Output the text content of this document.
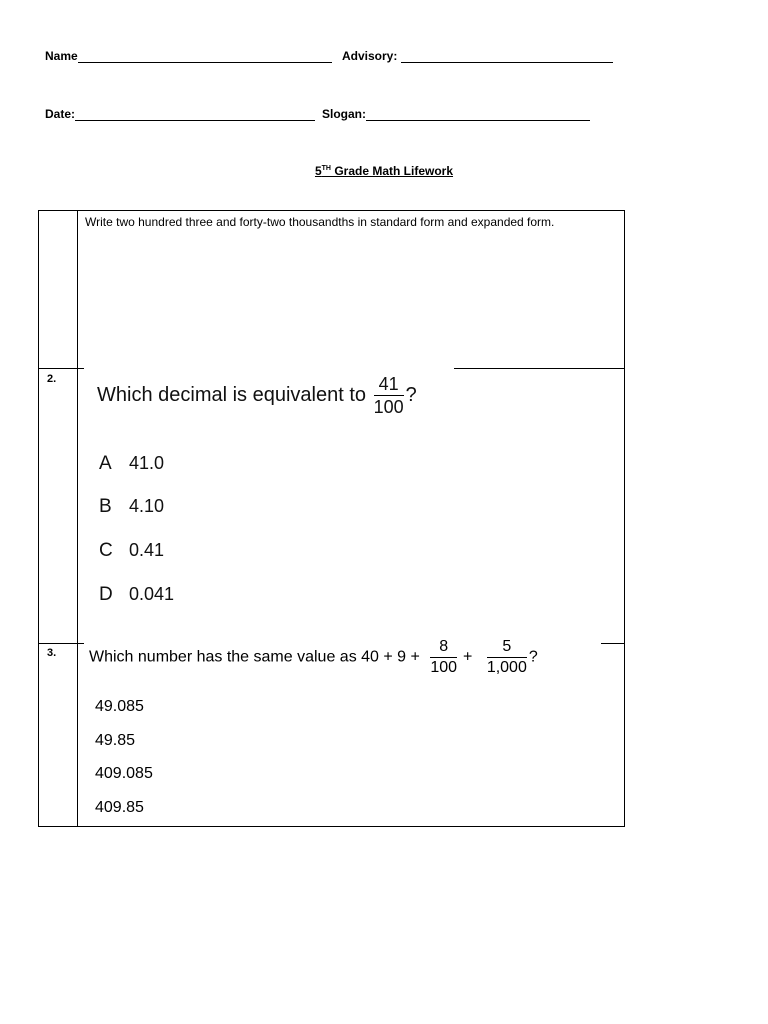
Name	Advisory:
Date:	Slogan:
5TH Grade Math Lifework
Write two hundred three and forty-two thousandths in standard form and expanded form.
2.
Which decimal is equivalent to $\frac{41}{100}$ ?
A 41.0
B 4.10
C 0.41
D 0.041
3. Which number has the same value as $40 + 9 + \frac{8}{100} + \frac{5}{1,000}$ ?
49.085
49.85
409.085
409.85
